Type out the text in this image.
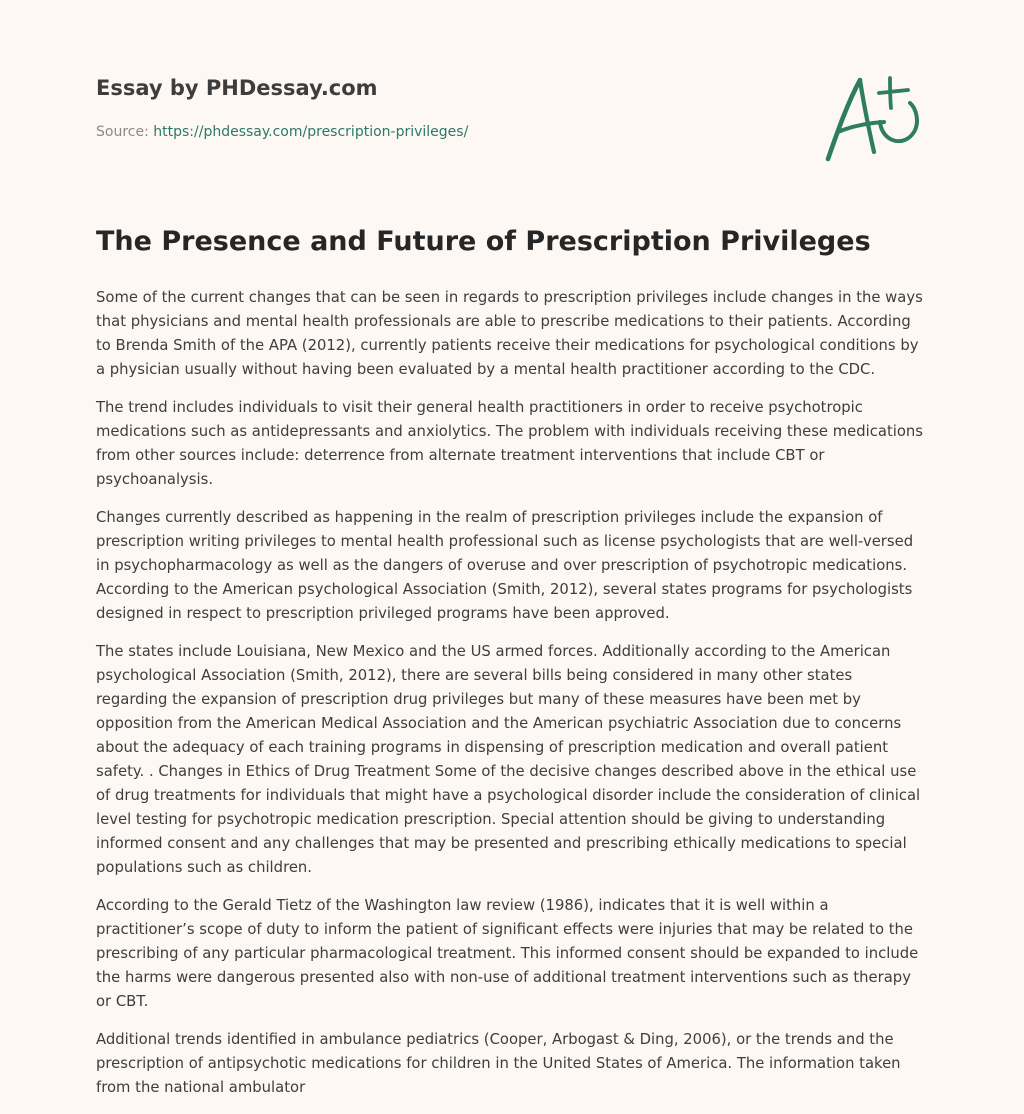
Essay by PHDessay.com
Source: https://phdessay.com/prescription-privileges/
The Presence and Future of Prescription Privileges

Some of the current changes that can be seen in regards to prescription privileges include changes in the ways that physicians and mental health professionals are able to prescribe medications to their patients. According to Brenda Smith of the APA (2012), currently patients receive their medications for psychological conditions by a physician usually without having been evaluated by a mental health practitioner according to the CDC.

The trend includes individuals to visit their general health practitioners in order to receive psychotropic medications such as antidepressants and anxiolytics. The problem with individuals receiving these medications from other sources include: deterrence from alternate treatment interventions that include CBT or psychoanalysis.

Changes currently described as happening in the realm of prescription privileges include the expansion of prescription writing privileges to mental health professional such as license psychologists that are well-versed in psychopharmacology as well as the dangers of overuse and over prescription of psychotropic medications. According to the American psychological Association (Smith, 2012), several states programs for psychologists designed in respect to prescription privileged programs have been approved.

The states include Louisiana, New Mexico and the US armed forces. Additionally according to the American psychological Association (Smith, 2012), there are several bills being considered in many other states regarding the expansion of prescription drug privileges but many of these measures have been met by opposition from the American Medical Association and the American psychiatric Association due to concerns about the adequacy of each training programs in dispensing of prescription medication and overall patient safety. . Changes in Ethics of Drug Treatment Some of the decisive changes described above in the ethical use of drug treatments for individuals that might have a psychological disorder include the consideration of clinical level testing for psychotropic medication prescription. Special attention should be giving to understanding informed consent and any challenges that may be presented and prescribing ethically medications to special populations such as children.

According to the Gerald Tietz of the Washington law review (1986), indicates that it is well within a practitioner’s scope of duty to inform the patient of significant effects were injuries that may be related to the prescribing of any particular pharmacological treatment. This informed consent should be expanded to include the harms were dangerous presented also with non-use of additional treatment interventions such as therapy or CBT.

Additional trends identified in ambulance pediatrics (Cooper, Arbogast & Ding, 2006), or the trends and the prescription of antipsychotic medications for children in the United States of America. The information taken from the national ambulator
